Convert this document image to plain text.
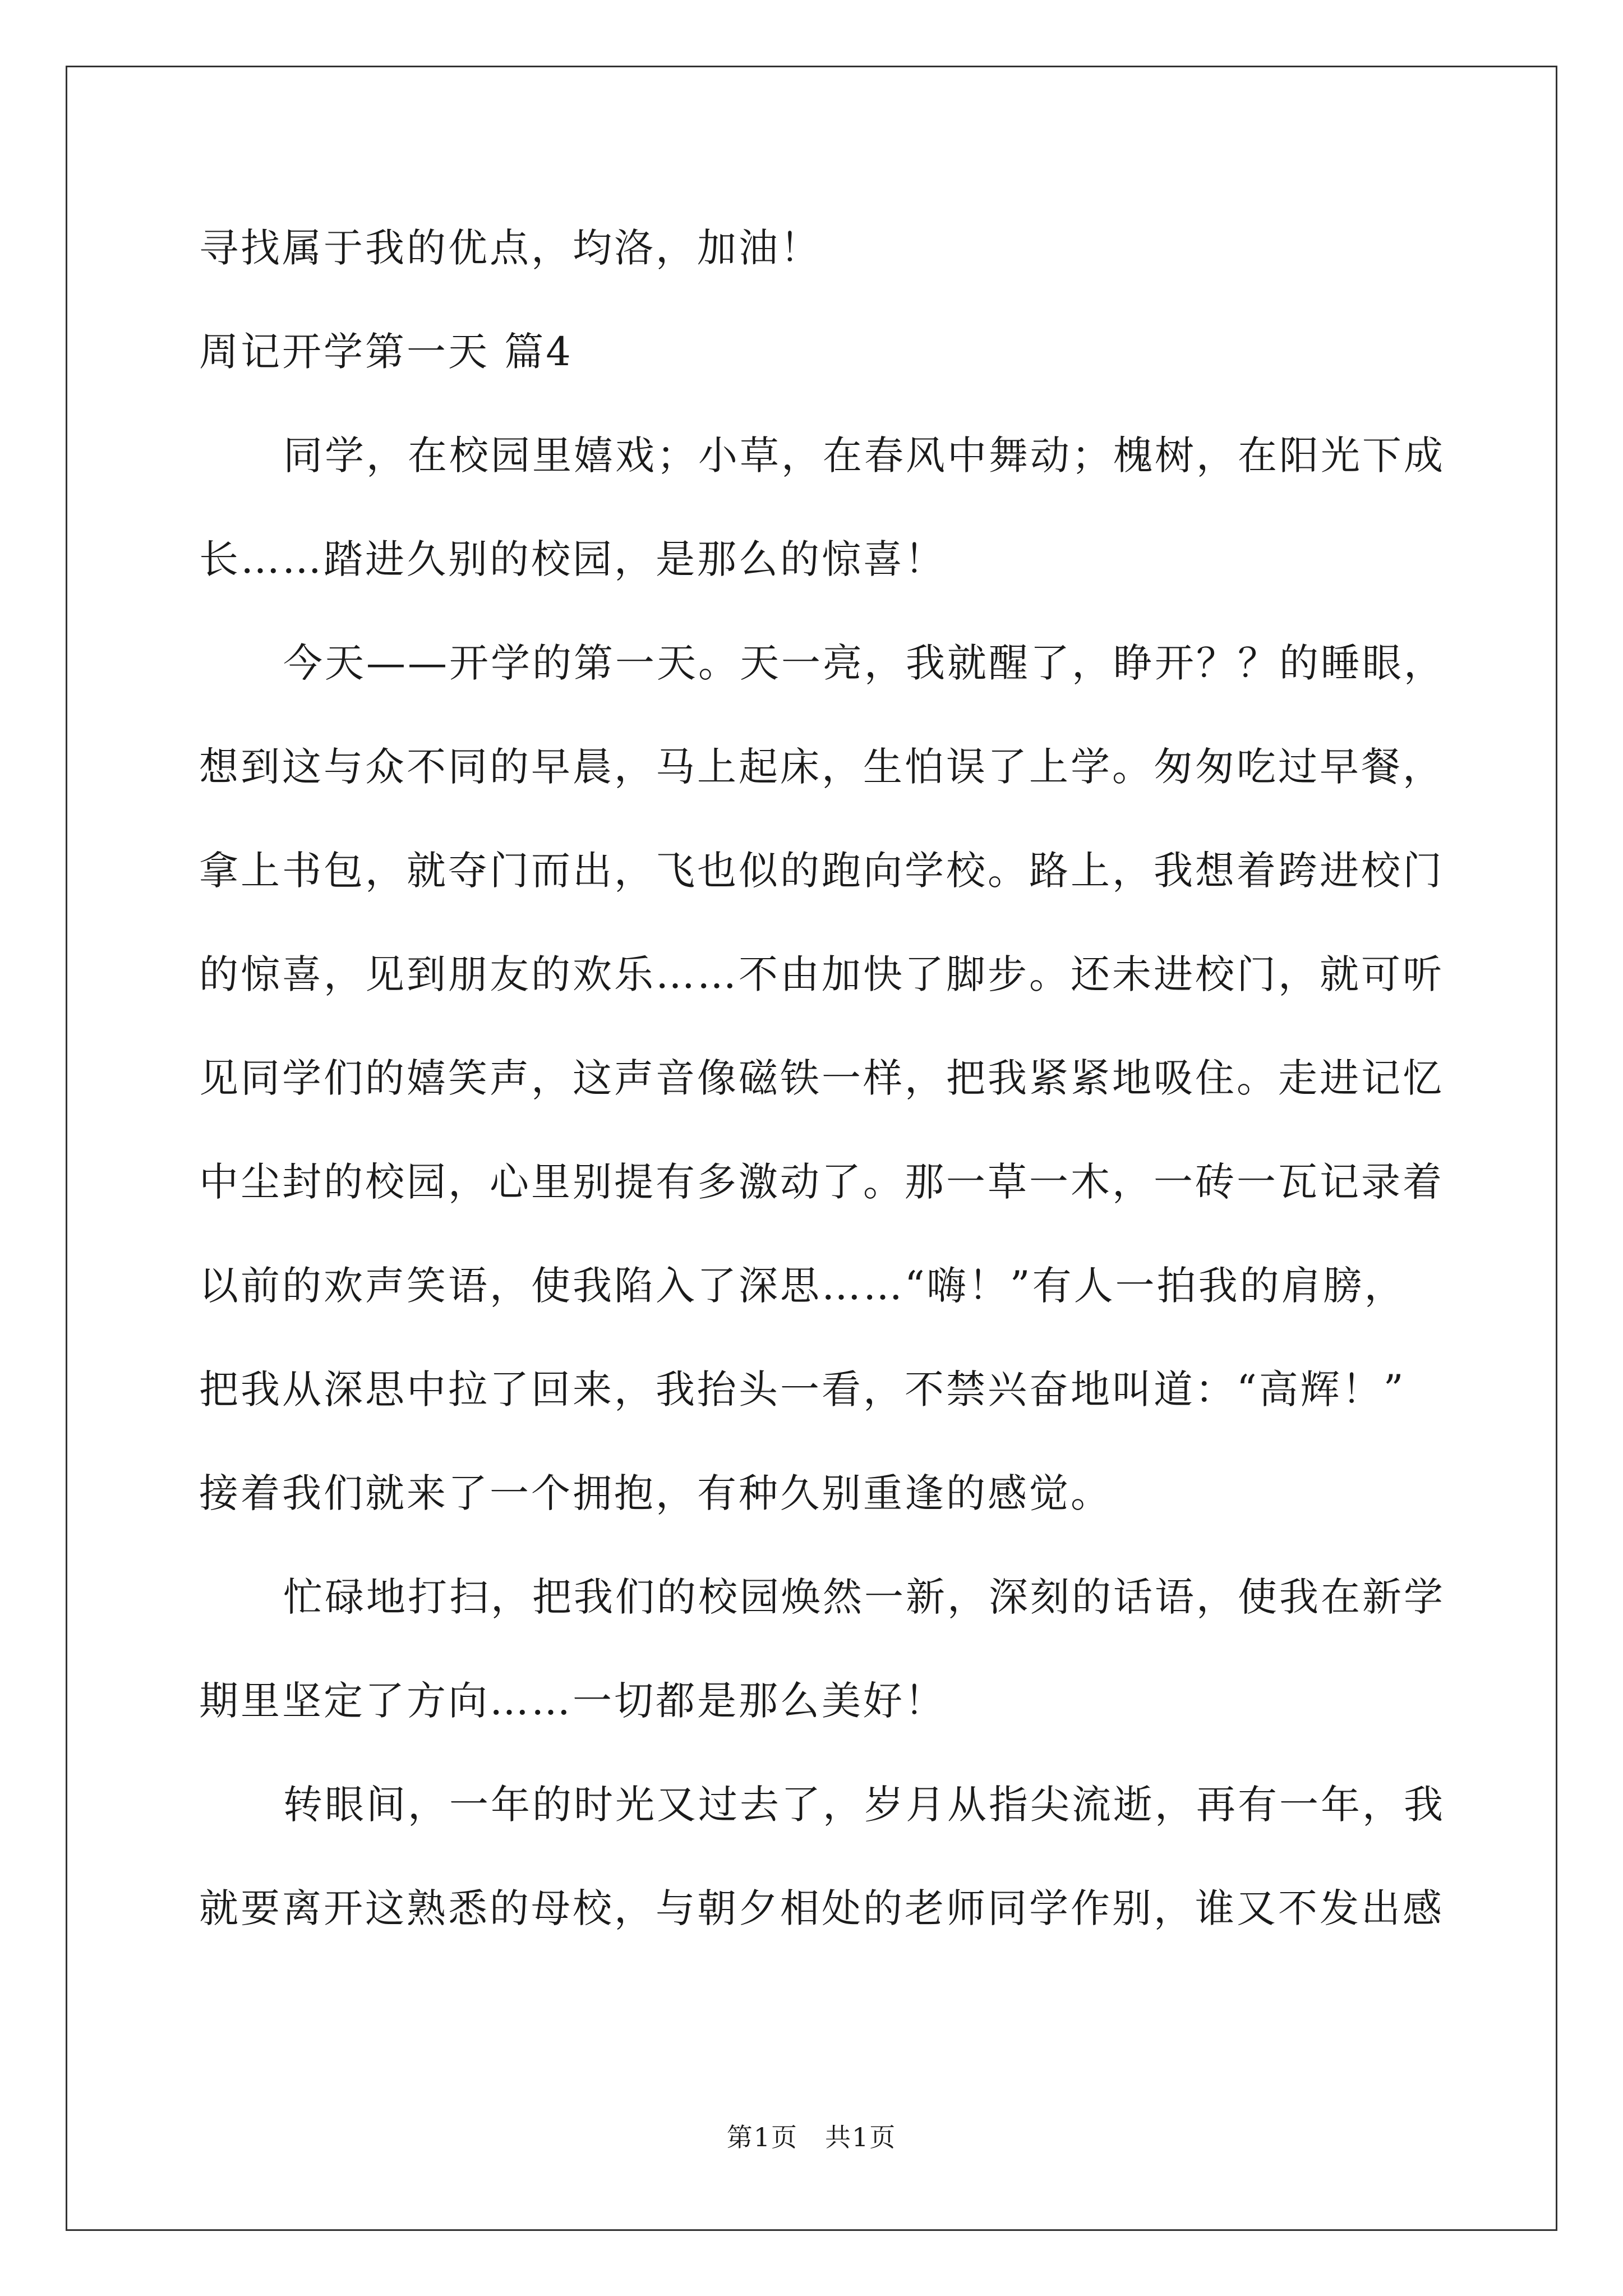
寻找属于我的优点，均洛，加油！

周记开学第一天 篇4

同学，在校园里嬉戏；小草，在春风中舞动；槐树，在阳光下成

长……踏进久别的校园，是那么的惊喜！

今天——开学的第一天。天一亮，我就醒了，睁开？？的睡眼，

想到这与众不同的早晨，马上起床，生怕误了上学。匆匆吃过早餐，

拿上书包，就夺门而出，飞也似的跑向学校。路上，我想着跨进校门

的惊喜，见到朋友的欢乐……不由加快了脚步。还未进校门，就可听

见同学们的嬉笑声，这声音像磁铁一样，把我紧紧地吸住。走进记忆

中尘封的校园，心里别提有多激动了。那一草一木，一砖一瓦记录着

以前的欢声笑语，使我陷入了深思……“嗨！”有人一拍我的肩膀，

把我从深思中拉了回来，我抬头一看，不禁兴奋地叫道：“高辉！”

接着我们就来了一个拥抱，有种久别重逢的感觉。

忙碌地打扫，把我们的校园焕然一新，深刻的话语，使我在新学

期里坚定了方向……一切都是那么美好！

转眼间，一年的时光又过去了，岁月从指尖流逝，再有一年，我

就要离开这熟悉的母校，与朝夕相处的老师同学作别，谁又不发出感

第1页　共1页
